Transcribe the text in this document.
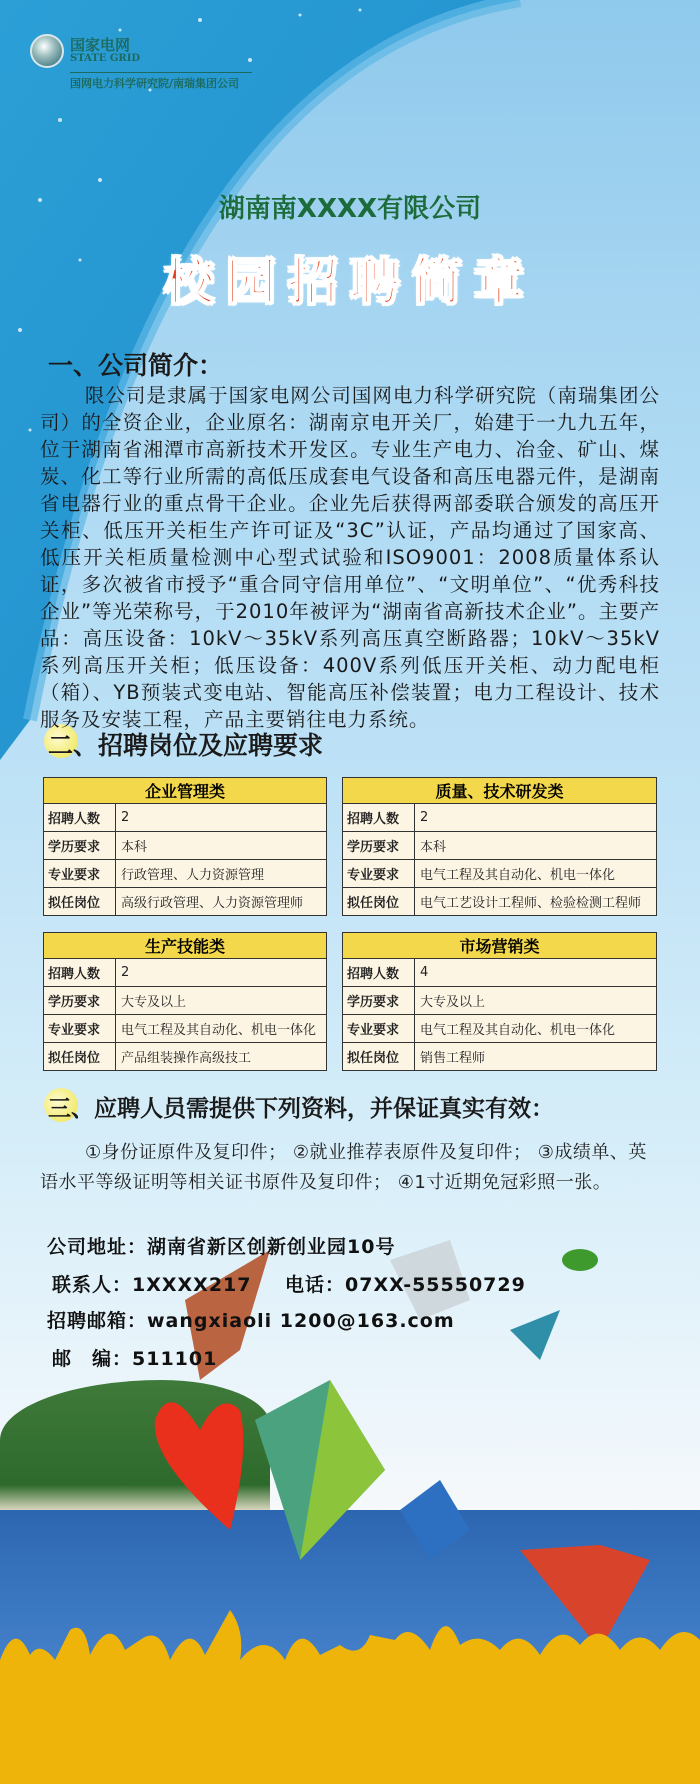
国家电网
STATE GRID
国网电力科学研究院/南瑞集团公司
湖南南XXXX有限公司
校园招聘简章
一、公司简介：
限公司是隶属于国家电网公司国网电力科学研究院（南瑞集团公司）的全资企业，企业原名：湖南京电开关厂，始建于一九九五年，位于湖南省湘潭市高新技术开发区。专业生产电力、冶金、矿山、煤炭、化工等行业所需的高低压成套电气设备和高压电器元件，是湖南省电器行业的重点骨干企业。企业先后获得两部委联合颁发的高压开关柜、低压开关柜生产许可证及“3C”认证，产品均通过了国家高、低压开关柜质量检测中心型式试验和ISO9001：2008质量体系认证，多次被省市授予“重合同守信用单位”、“文明单位”、“优秀科技企业”等光荣称号，于2010年被评为“湖南省高新技术企业”。主要产品：高压设备：10kV～35kV系列高压真空断路器；10kV～35kV系列高压开关柜；低压设备：400V系列低压开关柜、动力配电柜（箱）、YB预装式变电站、智能高压补偿装置；电力工程设计、技术服务及安装工程，产品主要销往电力系统。
二、招聘岗位及应聘要求
企业管理类	
招聘人数	2
学历要求	本科
专业要求	行政管理、人力资源管理
拟任岗位	高级行政管理、人力资源管理师
质量、技术研发类	
招聘人数	2
学历要求	本科
专业要求	电气工程及其自动化、机电一体化
拟任岗位	电气工艺设计工程师、检验检测工程师
生产技能类	
招聘人数	2
学历要求	大专及以上
专业要求	电气工程及其自动化、机电一体化
拟任岗位	产品组装操作高级技工
市场营销类	
招聘人数	4
学历要求	大专及以上
专业要求	电气工程及其自动化、机电一体化
拟任岗位	销售工程师
三、应聘人员需提供下列资料，并保证真实有效：
①身份证原件及复印件； ②就业推荐表原件及复印件； ③成绩单、英语水平等级证明等相关证书原件及复印件； ④1寸近期免冠彩照一张。
公司地址：湖南省新区创新创业园10号
联系人：1XXXX217 电话：07XX-55550729
招聘邮箱：wangxiaoli 1200@163.com
邮　编：511101
